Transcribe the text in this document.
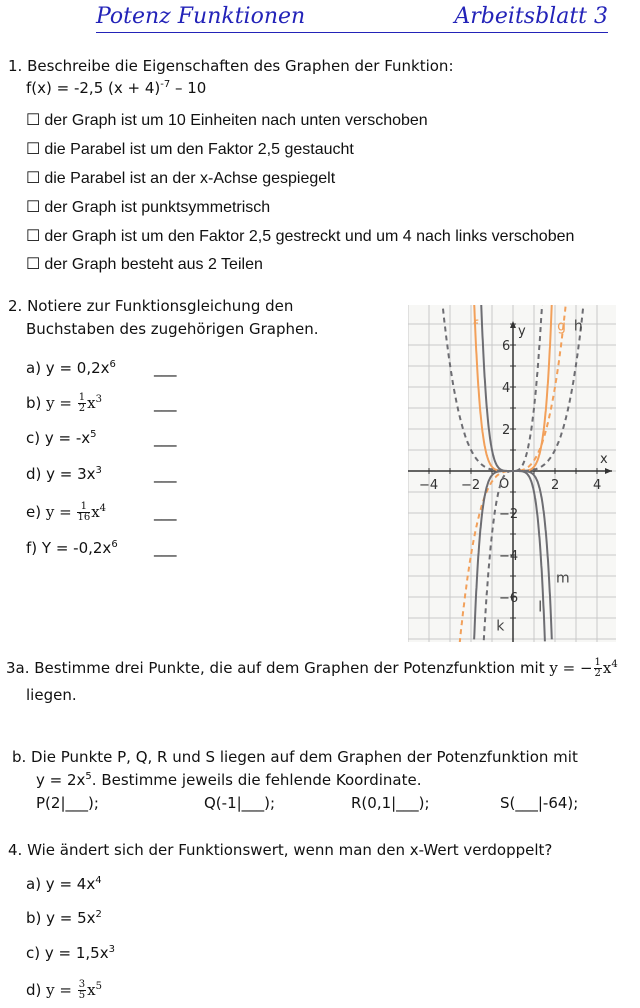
Potenz Funktionen	Arbeitsblatt 3
1. Beschreibe die Eigenschaften des Graphen der Funktion:
f(x) = -2,5 $(x + 4)^{-7} - 10$
☐ der Graph ist um 10 Einheiten nach unten verschoben
☐ die Parabel ist um den Faktor 2,5 gestaucht
☐ die Parabel ist an der x-Achse gespiegelt
☐ der Graph ist punktsymmetrisch
☐ der Graph ist um den Faktor 2,5 gestreckt und um 4 nach links verschoben
☐ der Graph besteht aus 2 Teilen
2. Notiere zur Funktionsgleichung den
Buchstaben des zugehörigen Graphen.
a) $y = 0,2x^6$	___
b) $y = \frac{1}{2} x^3$	___
c) $y = -x^5$	___
d) $y = 3x^3$	___
e) $y = \frac{1}{16} x^4$	___
f) $Y = -0,2x^6$ ___
−4 −2	2	4
6
4
2
−2
−4
−6
x
y
O
f	g h
k
l
m
3a. Bestimme drei Punkte, die auf dem Graphen der Potenzfunktion mit y = − $\frac{1}{2} x^4$
liegen.
b. Die Punkte P, Q, R und S liegen auf dem Graphen der Potenzfunktion mit
$y = 2x^5$. Bestimme jeweils die fehlende Koordinate.
P(2|___);	Q(-1|___);	R(0,1|___);	S(___|-64);
4. Wie ändert sich der Funktionswert, wenn man den x-Wert verdoppelt?
a) $y = 4x^4$
b) $y = 5x^2$
c) $y = 1,5x^3$
d) $y = \frac{3}{5} x^5$
